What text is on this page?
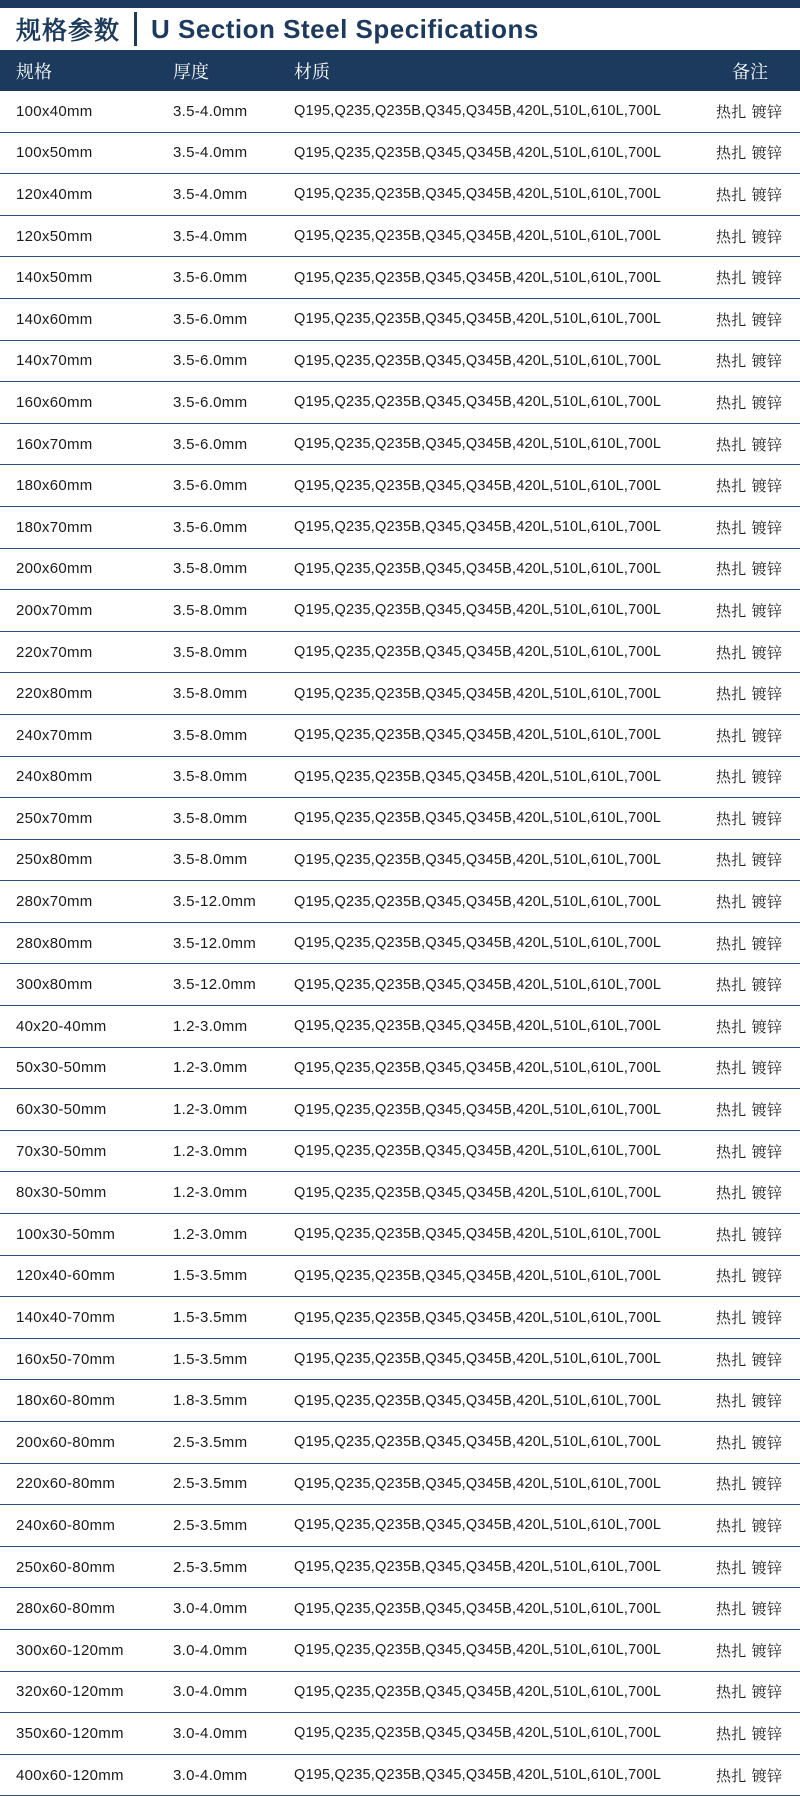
规格参数 U Section Steel Specifications
规格	厚度	材质	备注
100x40mm	3.5-4.0mm	Q195,Q235,Q235B,Q345,Q345B,420L,510L,610L,700L	热扎 镀锌
100x50mm	3.5-4.0mm	Q195,Q235,Q235B,Q345,Q345B,420L,510L,610L,700L	热扎 镀锌
120x40mm	3.5-4.0mm	Q195,Q235,Q235B,Q345,Q345B,420L,510L,610L,700L	热扎 镀锌
120x50mm	3.5-4.0mm	Q195,Q235,Q235B,Q345,Q345B,420L,510L,610L,700L	热扎 镀锌
140x50mm	3.5-6.0mm	Q195,Q235,Q235B,Q345,Q345B,420L,510L,610L,700L	热扎 镀锌
140x60mm	3.5-6.0mm	Q195,Q235,Q235B,Q345,Q345B,420L,510L,610L,700L	热扎 镀锌
140x70mm	3.5-6.0mm	Q195,Q235,Q235B,Q345,Q345B,420L,510L,610L,700L	热扎 镀锌
160x60mm	3.5-6.0mm	Q195,Q235,Q235B,Q345,Q345B,420L,510L,610L,700L	热扎 镀锌
160x70mm	3.5-6.0mm	Q195,Q235,Q235B,Q345,Q345B,420L,510L,610L,700L	热扎 镀锌
180x60mm	3.5-6.0mm	Q195,Q235,Q235B,Q345,Q345B,420L,510L,610L,700L	热扎 镀锌
180x70mm	3.5-6.0mm	Q195,Q235,Q235B,Q345,Q345B,420L,510L,610L,700L	热扎 镀锌
200x60mm	3.5-8.0mm	Q195,Q235,Q235B,Q345,Q345B,420L,510L,610L,700L	热扎 镀锌
200x70mm	3.5-8.0mm	Q195,Q235,Q235B,Q345,Q345B,420L,510L,610L,700L	热扎 镀锌
220x70mm	3.5-8.0mm	Q195,Q235,Q235B,Q345,Q345B,420L,510L,610L,700L	热扎 镀锌
220x80mm	3.5-8.0mm	Q195,Q235,Q235B,Q345,Q345B,420L,510L,610L,700L	热扎 镀锌
240x70mm	3.5-8.0mm	Q195,Q235,Q235B,Q345,Q345B,420L,510L,610L,700L	热扎 镀锌
240x80mm	3.5-8.0mm	Q195,Q235,Q235B,Q345,Q345B,420L,510L,610L,700L	热扎 镀锌
250x70mm	3.5-8.0mm	Q195,Q235,Q235B,Q345,Q345B,420L,510L,610L,700L	热扎 镀锌
250x80mm	3.5-8.0mm	Q195,Q235,Q235B,Q345,Q345B,420L,510L,610L,700L	热扎 镀锌
280x70mm	3.5-12.0mm	Q195,Q235,Q235B,Q345,Q345B,420L,510L,610L,700L	热扎 镀锌
280x80mm	3.5-12.0mm	Q195,Q235,Q235B,Q345,Q345B,420L,510L,610L,700L	热扎 镀锌
300x80mm	3.5-12.0mm	Q195,Q235,Q235B,Q345,Q345B,420L,510L,610L,700L	热扎 镀锌
40x20-40mm	1.2-3.0mm	Q195,Q235,Q235B,Q345,Q345B,420L,510L,610L,700L	热扎 镀锌
50x30-50mm	1.2-3.0mm	Q195,Q235,Q235B,Q345,Q345B,420L,510L,610L,700L	热扎 镀锌
60x30-50mm	1.2-3.0mm	Q195,Q235,Q235B,Q345,Q345B,420L,510L,610L,700L	热扎 镀锌
70x30-50mm	1.2-3.0mm	Q195,Q235,Q235B,Q345,Q345B,420L,510L,610L,700L	热扎 镀锌
80x30-50mm	1.2-3.0mm	Q195,Q235,Q235B,Q345,Q345B,420L,510L,610L,700L	热扎 镀锌
100x30-50mm	1.2-3.0mm	Q195,Q235,Q235B,Q345,Q345B,420L,510L,610L,700L	热扎 镀锌
120x40-60mm	1.5-3.5mm	Q195,Q235,Q235B,Q345,Q345B,420L,510L,610L,700L	热扎 镀锌
140x40-70mm	1.5-3.5mm	Q195,Q235,Q235B,Q345,Q345B,420L,510L,610L,700L	热扎 镀锌
160x50-70mm	1.5-3.5mm	Q195,Q235,Q235B,Q345,Q345B,420L,510L,610L,700L	热扎 镀锌
180x60-80mm	1.8-3.5mm	Q195,Q235,Q235B,Q345,Q345B,420L,510L,610L,700L	热扎 镀锌
200x60-80mm	2.5-3.5mm	Q195,Q235,Q235B,Q345,Q345B,420L,510L,610L,700L	热扎 镀锌
220x60-80mm	2.5-3.5mm	Q195,Q235,Q235B,Q345,Q345B,420L,510L,610L,700L	热扎 镀锌
240x60-80mm	2.5-3.5mm	Q195,Q235,Q235B,Q345,Q345B,420L,510L,610L,700L	热扎 镀锌
250x60-80mm	2.5-3.5mm	Q195,Q235,Q235B,Q345,Q345B,420L,510L,610L,700L	热扎 镀锌
280x60-80mm	3.0-4.0mm	Q195,Q235,Q235B,Q345,Q345B,420L,510L,610L,700L	热扎 镀锌
300x60-120mm	3.0-4.0mm	Q195,Q235,Q235B,Q345,Q345B,420L,510L,610L,700L	热扎 镀锌
320x60-120mm	3.0-4.0mm	Q195,Q235,Q235B,Q345,Q345B,420L,510L,610L,700L	热扎 镀锌
350x60-120mm	3.0-4.0mm	Q195,Q235,Q235B,Q345,Q345B,420L,510L,610L,700L	热扎 镀锌
400x60-120mm	3.0-4.0mm	Q195,Q235,Q235B,Q345,Q345B,420L,510L,610L,700L	热扎 镀锌
